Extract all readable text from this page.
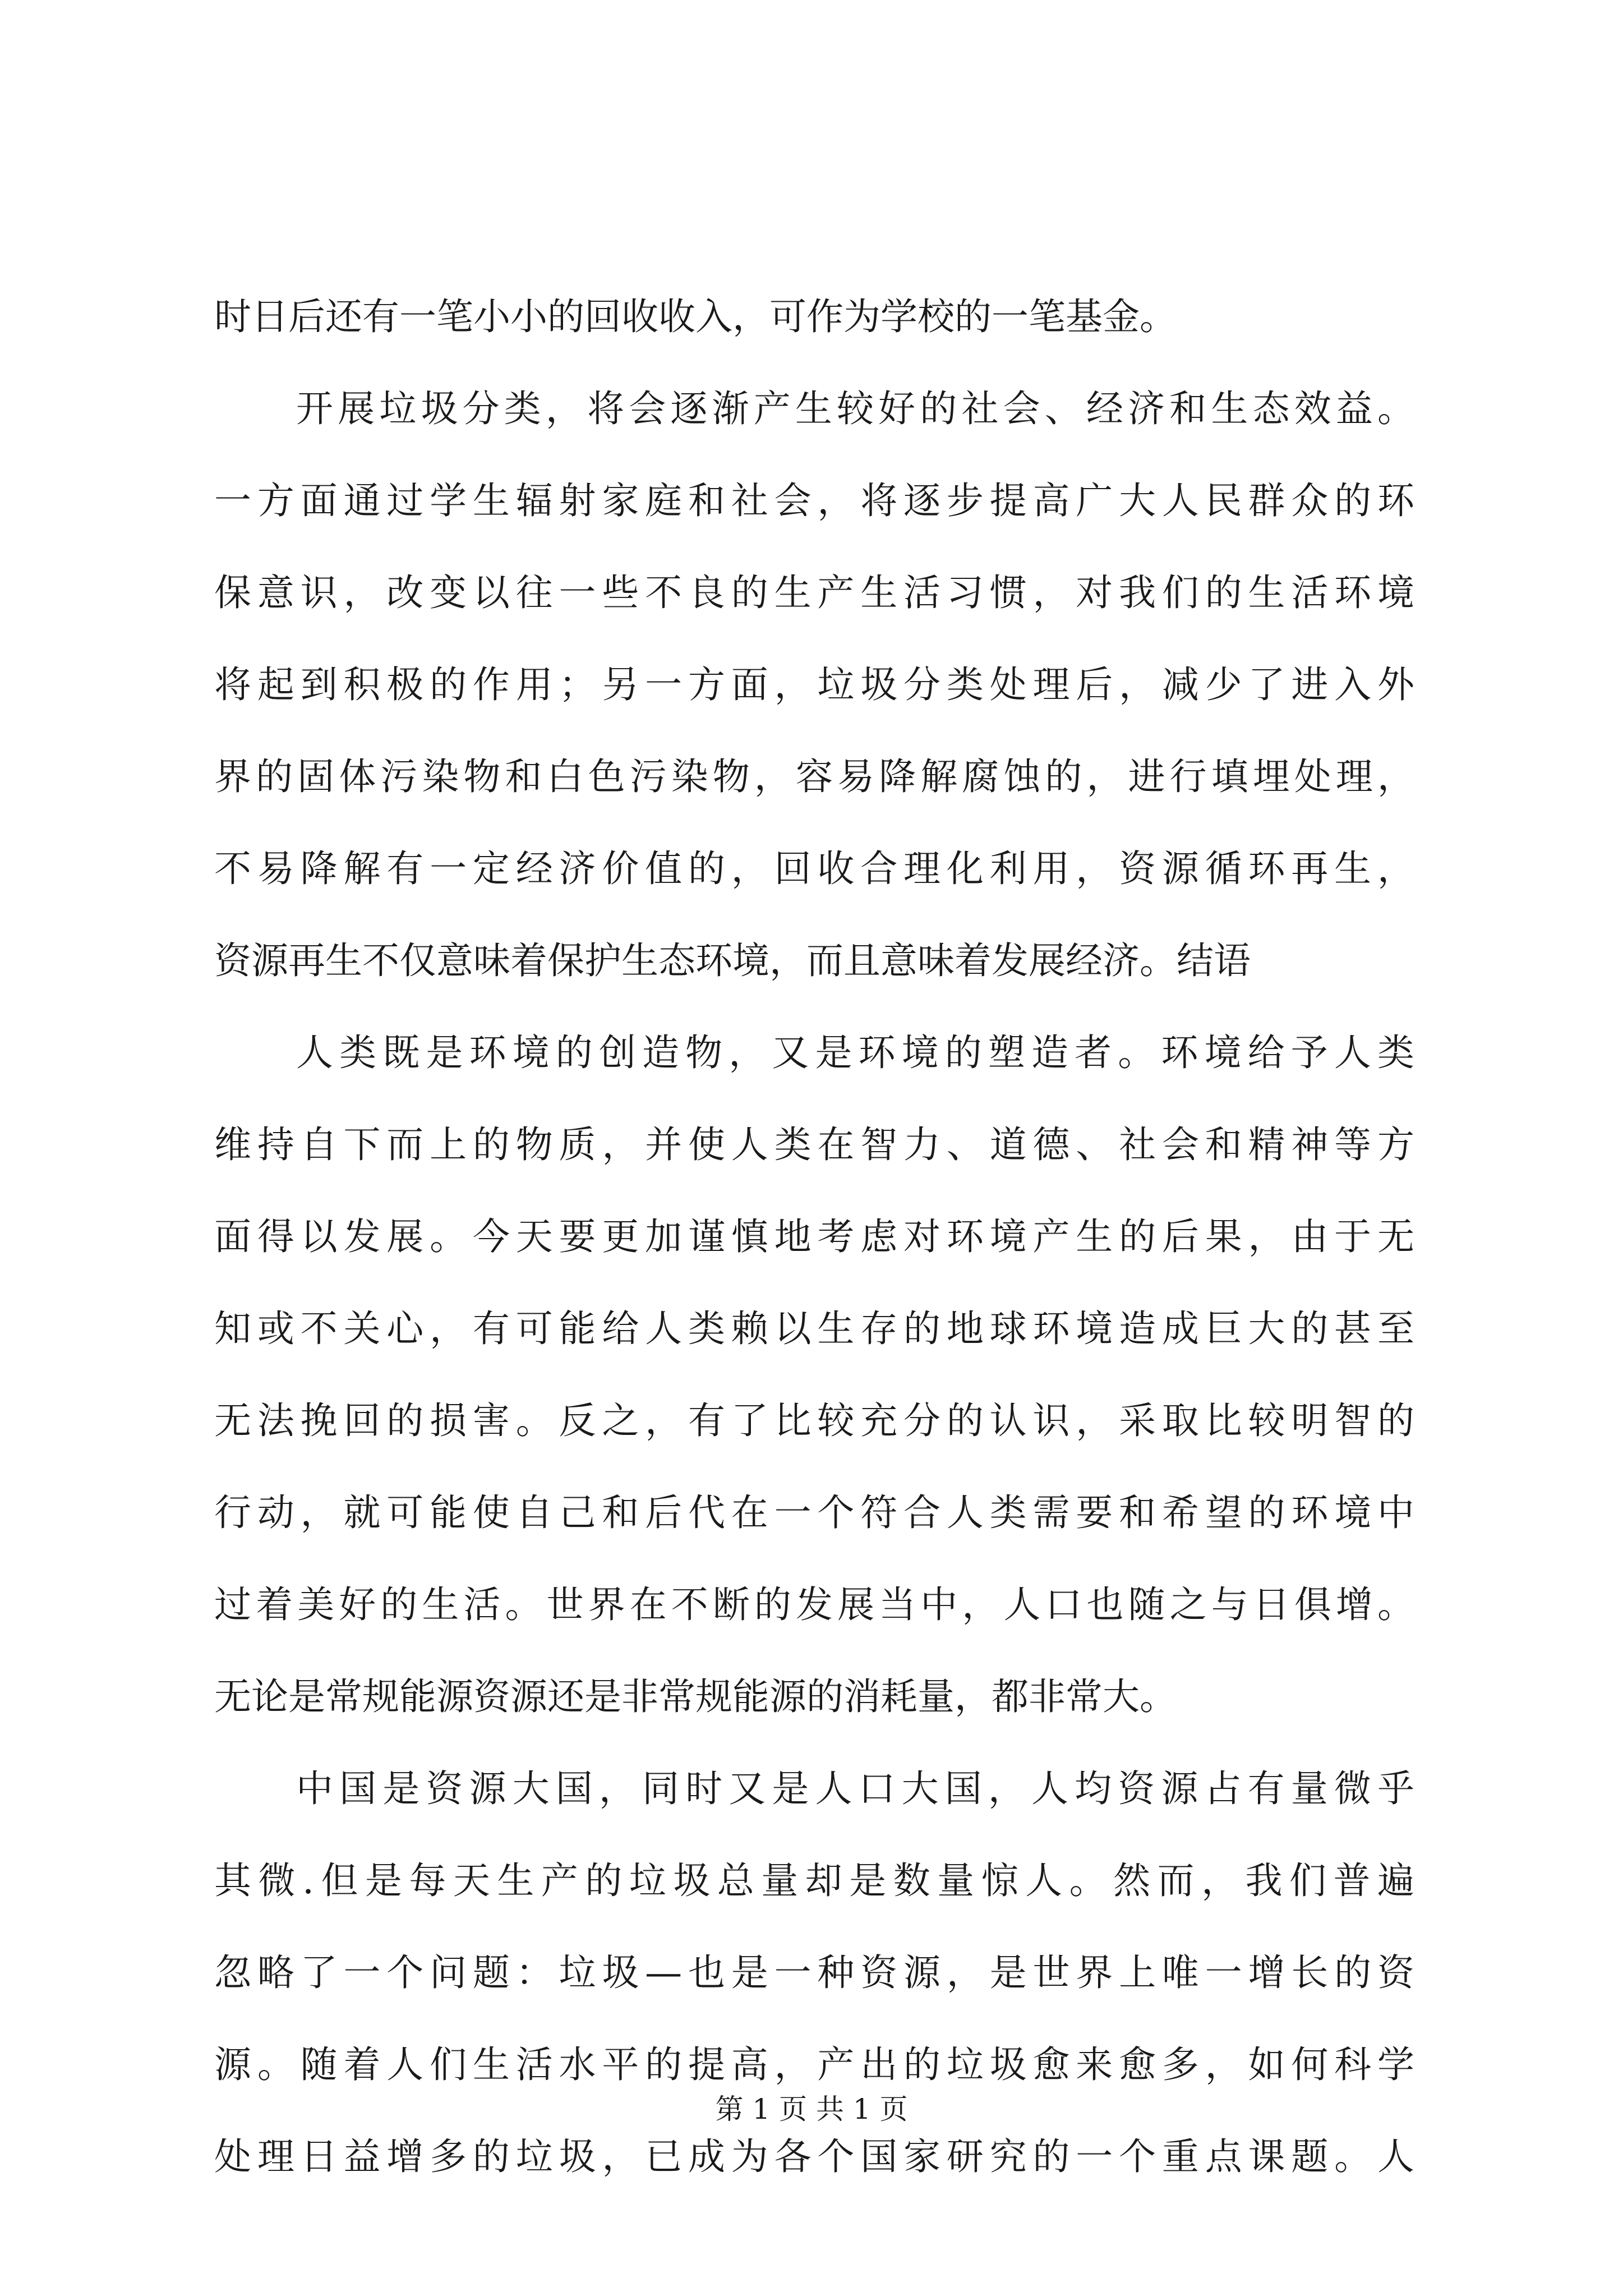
时日后还有一笔小小的回收收入，可作为学校的一笔基金。
开展垃圾分类，将会逐渐产生较好的社会、经济和生态效益。
一方面通过学生辐射家庭和社会，将逐步提高广大人民群众的环
保意识，改变以往一些不良的生产生活习惯，对我们的生活环境
将起到积极的作用；另一方面，垃圾分类处理后，减少了进入外
界的固体污染物和白色污染物，容易降解腐蚀的，进行填埋处理，
不易降解有一定经济价值的，回收合理化利用，资源循环再生，
资源再生不仅意味着保护生态环境，而且意味着发展经济。结语
人类既是环境的创造物，又是环境的塑造者。环境给予人类
维持自下而上的物质，并使人类在智力、道德、社会和精神等方
面得以发展。今天要更加谨慎地考虑对环境产生的后果，由于无
知或不关心，有可能给人类赖以生存的地球环境造成巨大的甚至
无法挽回的损害。反之，有了比较充分的认识，采取比较明智的
行动，就可能使自己和后代在一个符合人类需要和希望的环境中
过着美好的生活。世界在不断的发展当中，人口也随之与日俱增。
无论是常规能源资源还是非常规能源的消耗量，都非常大。
中国是资源大国，同时又是人口大国，人均资源占有量微乎
其微.但是每天生产的垃圾总量却是数量惊人。然而，我们普遍
忽略了一个问题：垃圾—也是一种资源，是世界上唯一增长的资
源。随着人们生活水平的提高，产出的垃圾愈来愈多，如何科学
处理日益增多的垃圾，已成为各个国家研究的一个重点课题。人
第 1 页 共 1 页
